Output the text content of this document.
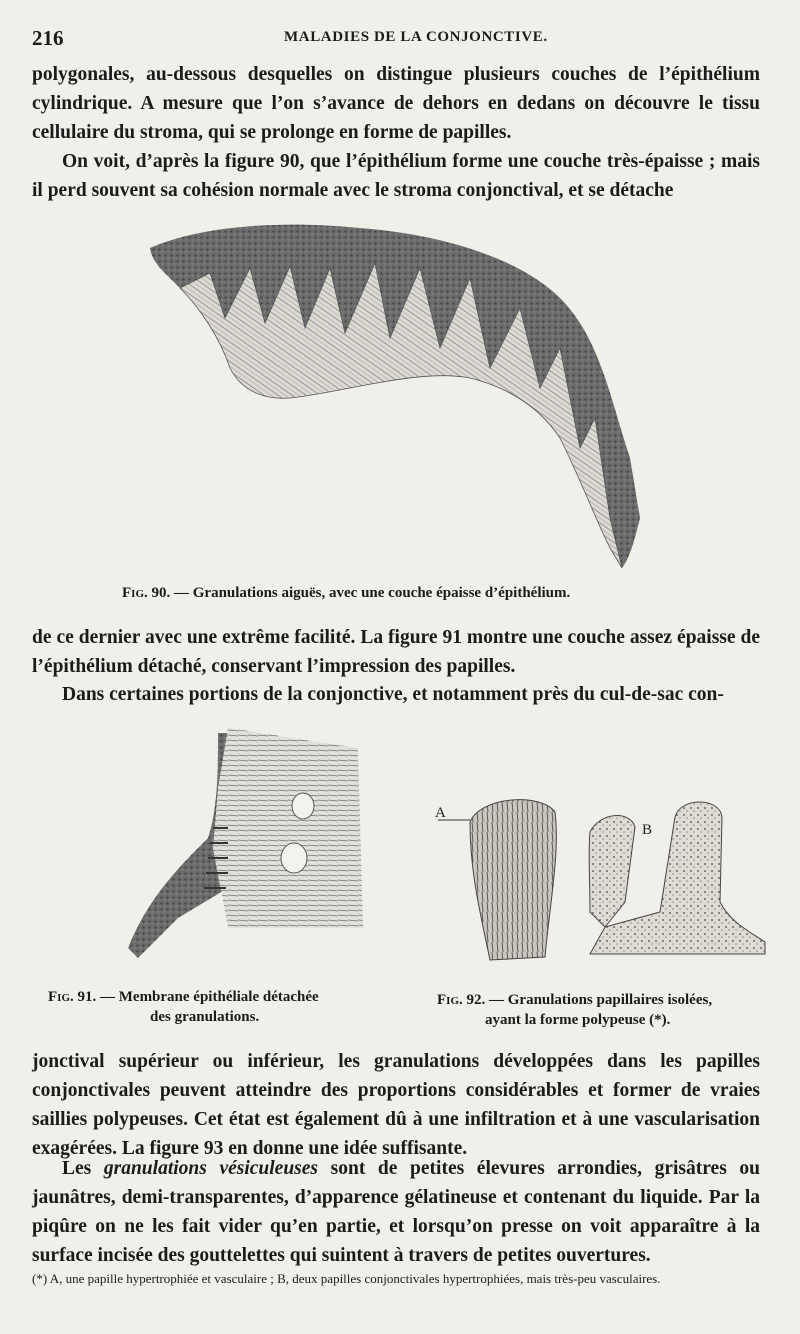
216	MALADIES DE LA CONJONCTIVE.

polygonales, au-dessous desquelles on distingue plusieurs couches de l’épithélium cylindrique. A mesure que l’on s’avance de dehors en dedans on découvre le tissu cellulaire du stroma, qui se prolonge en forme de papilles.

On voit, d’après la figure 90, que l’épithélium forme une couche très-épaisse ; mais il perd souvent sa cohésion normale avec le stroma conjonctival, et se détache

Fig. 90. — Granulations aiguës, avec une couche épaisse d’épithélium.

de ce dernier avec une extrême facilité. La figure 91 montre une couche assez épaisse de l’épithélium détaché, conservant l’impression des papilles.

Dans certaines portions de la conjonctive, et notamment près du cul-de-sac con-

A
B
Fig. 91. — Membrane épithéliale détachée
des granulations.
Fig. 92. — Granulations papillaires isolées,
ayant la forme polypeuse (*).

jonctival supérieur ou inférieur, les granulations développées dans les papilles conjonctivales peuvent atteindre des proportions considérables et former de vraies saillies polypeuses. Cet état est également dû à une infiltration et à une vascularisation exagérées. La figure 93 en donne une idée suffisante.

Les granulations vésiculeuses sont de petites élevures arrondies, grisâtres ou jaunâtres, demi-transparentes, d’apparence gélatineuse et contenant du liquide. Par la piqûre on ne les fait vider qu’en partie, et lorsqu’on presse on voit apparaître à la surface incisée des gouttelettes qui suintent à travers de petites ouvertures.

(*) A, une papille hypertrophiée et vasculaire ; B, deux papilles conjonctivales hypertrophiées, mais très-peu vasculaires.
